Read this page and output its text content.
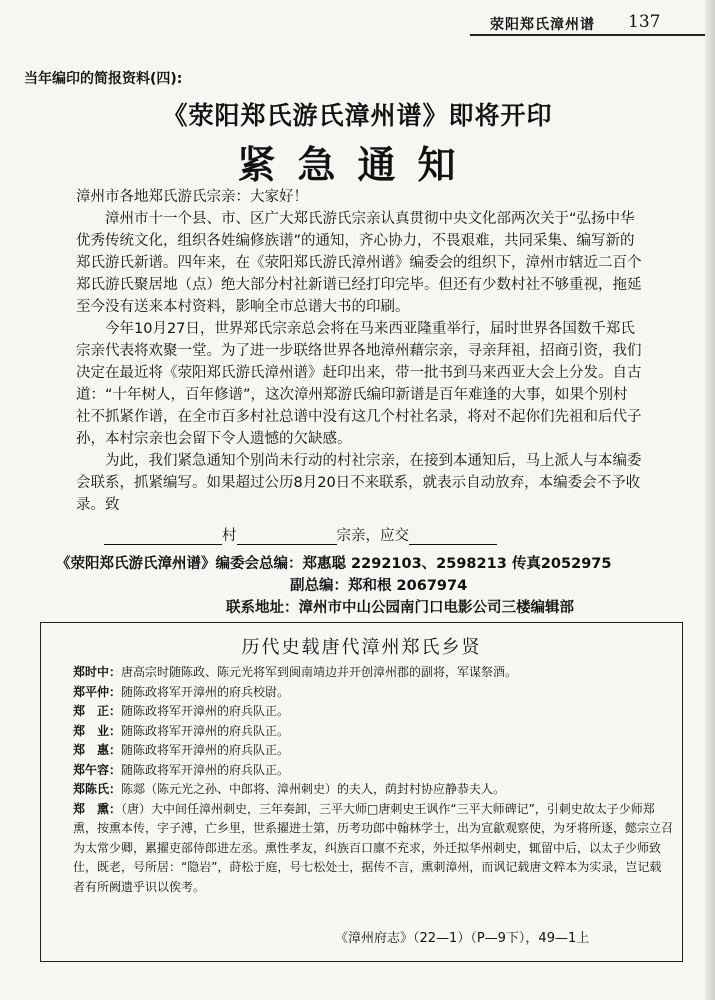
荥阳郑氏漳州谱 137
当年编印的简报资料(四):
《荥阳郑氏游氏漳州谱》即将开印
紧急通知

漳州市各地郑氏游氏宗亲：大家好！

漳州市十一个县、市、区广大郑氏游氏宗亲认真贯彻中央文化部两次关于“弘扬中华优秀传统文化，组织各姓编修族谱”的通知，齐心协力，不畏艰难，共同采集、编写新的郑氏游氏新谱。四年来，在《荥阳郑氏游氏漳州谱》编委会的组织下，漳州市辖近二百个郑氏游氏聚居地（点）绝大部分村社新谱已经打印完毕。但还有少数村社不够重视，拖延至今没有送来本村资料，影响全市总谱大书的印刷。

今年10月27日，世界郑氏宗亲总会将在马来西亚隆重举行，届时世界各国数千郑氏宗亲代表将欢聚一堂。为了进一步联络世界各地漳州藉宗亲，寻亲拜祖，招商引资，我们决定在最近将《荥阳郑氏游氏漳州谱》赶印出来，带一批书到马来西亚大会上分发。自古道：“十年树人，百年修谱”，这次漳州郑游氏编印新谱是百年难逢的大事，如果个别村社不抓紧作谱，在全市百多村社总谱中没有这几个村社名录，将对不起你们先祖和后代子孙，本村宗亲也会留下令人遗憾的欠缺感。

为此，我们紧急通知个别尚未行动的村社宗亲，在接到本通知后，马上派人与本编委会联系，抓紧编写。如果超过公历8月20日不来联系，就表示自动放弃，本编委会不予收录。致

村	宗亲，应交
《荥阳郑氏游氏漳州谱》编委会总编：郑惠聪 2292103、2598213 传真2052975
副总编：郑和根 2067974
联系地址：漳州市中山公园南门口电影公司三楼编辑部
历代史载唐代漳州郑氏乡贤

郑时中：唐高宗时随陈政、陈元光将军到闽南靖边并开创漳州郡的副将，军谋祭酒。

郑平仲：随陈政将军开漳州的府兵校尉。

郑　正：随陈政将军开漳州的府兵队正。

郑　业：随陈政将军开漳州的府兵队正。

郑　惠：随陈政将军开漳州的府兵队正。

郑午容：随陈政将军开漳州的府兵队正。

郑陈氏：陈郯（陈元光之孙、中郎将、漳州刺史）的夫人，荫封村协应静恭夫人。

郑　熏：（唐）大中间任漳州刺史，三年奏卸，三平大师□唐刺史王讽作“三平大师碑记”，引刺史故太子少师郑熏，按熏本传，字子溥，亡乡里，世系擢进士第，历考功郎中翰林学士，出为宣歙观察使，为牙将所逐，懿宗立召为太常少卿，累擢吏部侍郎进左丞。熏性孝友，纠族百口廪不充求，外迁拟华州刺史，辄留中后，以太子少师致仕，既老，号所居：“隐岩”，莳松于庭，号七松处士，据传不言，熏刺漳州，而讽记载唐文粹本为实录，岂记载者有所阙遗乎识以俟考。

《漳州府志》（22—1）（P—9下），49—1上
